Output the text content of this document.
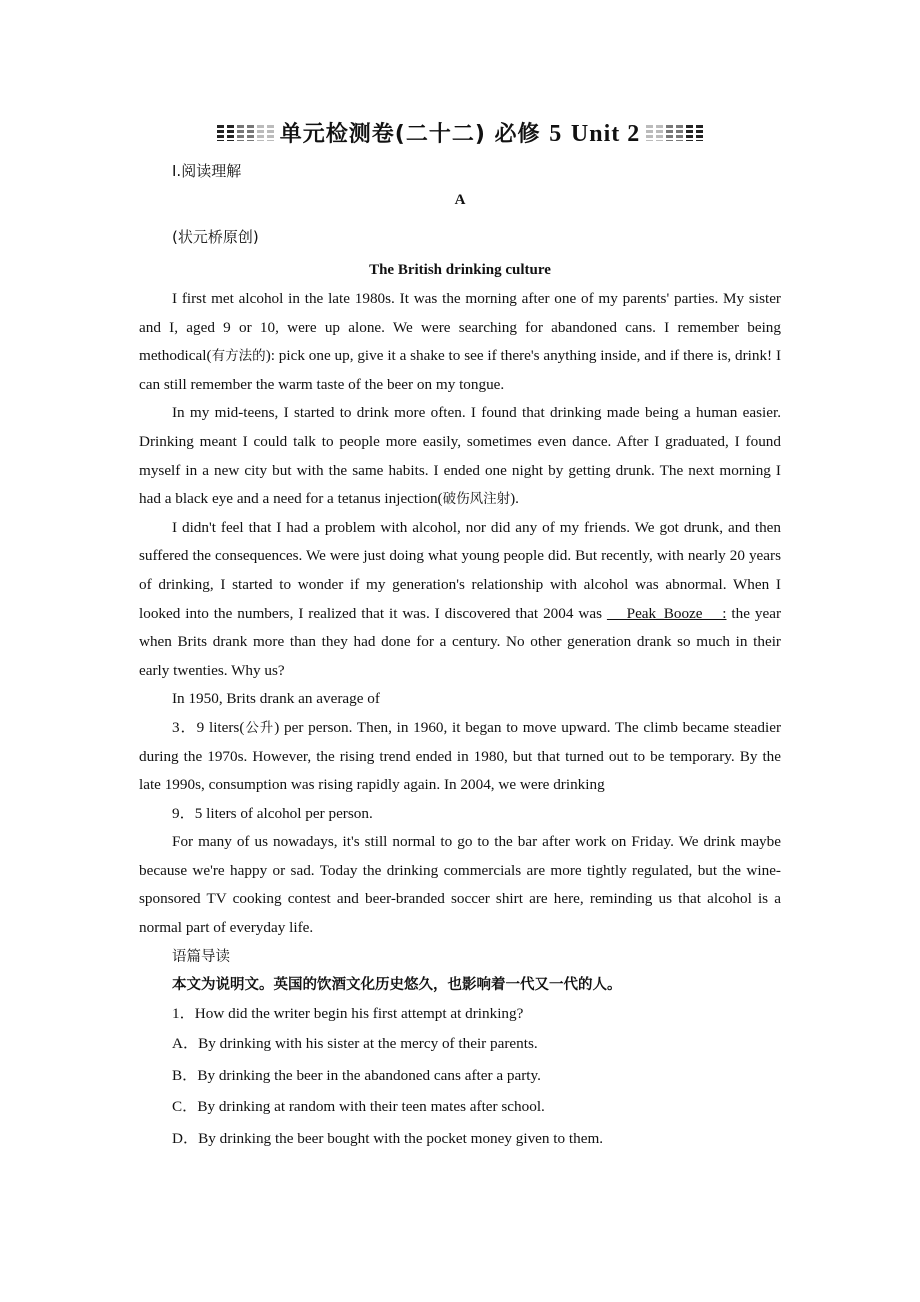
单元检测卷(二十二) 必修 5 Unit 2
Ⅰ.阅读理解
A
(状元桥原创)
The British drinking culture

I first met alcohol in the late 1980s. It was the morning after one of my parents' parties. My sister and I, aged 9 or 10, were up alone. We were searching for abandoned cans. I remember being methodical(有方法的): pick one up, give it a shake to see if there's anything inside, and if there is, drink! I can still remember the warm taste of the beer on my tongue.

In my mid-teens, I started to drink more often. I found that drinking made being a human easier. Drinking meant I could talk to people more easily, sometimes even dance. After I graduated, I found myself in a new city but with the same habits. I ended one night by getting drunk. The next morning I had a black eye and a need for a tetanus injection(破伤风注射).

I didn't feel that I had a problem with alcohol, nor did any of my friends. We got drunk, and then suffered the consequences. We were just doing what young people did. But recently, with nearly 20 years of drinking, I started to wonder if my generation's relationship with alcohol was abnormal. When I looked into the numbers, I realized that it was. I discovered that 2004 was     Peak_Booze    : the year when Brits drank more than they had done for a century. No other generation drank so much in their early twenties. Why us?

In 1950, Brits drank an average of

3．9 liters(公升) per person. Then, in 1960, it began to move upward. The climb became steadier during the 1970s. However, the rising trend ended in 1980, but that turned out to be temporary. By the late 1990s, consumption was rising rapidly again. In 2004, we were drinking

9．5 liters of alcohol per person.

For many of us nowadays, it's still normal to go to the bar after work on Friday. We drink maybe because we're happy or sad. Today the drinking commercials are more tightly regulated, but the wine-sponsored TV cooking contest and beer-branded soccer shirt are here, reminding us that alcohol is a normal part of everyday life.

语篇导读

本文为说明文。英国的饮酒文化历史悠久，也影响着一代又一代的人。

1．How did the writer begin his first attempt at drinking?

A．By drinking with his sister at the mercy of their parents.

B．By drinking the beer in the abandoned cans after a party.

C．By drinking at random with their teen mates after school.

D．By drinking the beer bought with the pocket money given to them.
